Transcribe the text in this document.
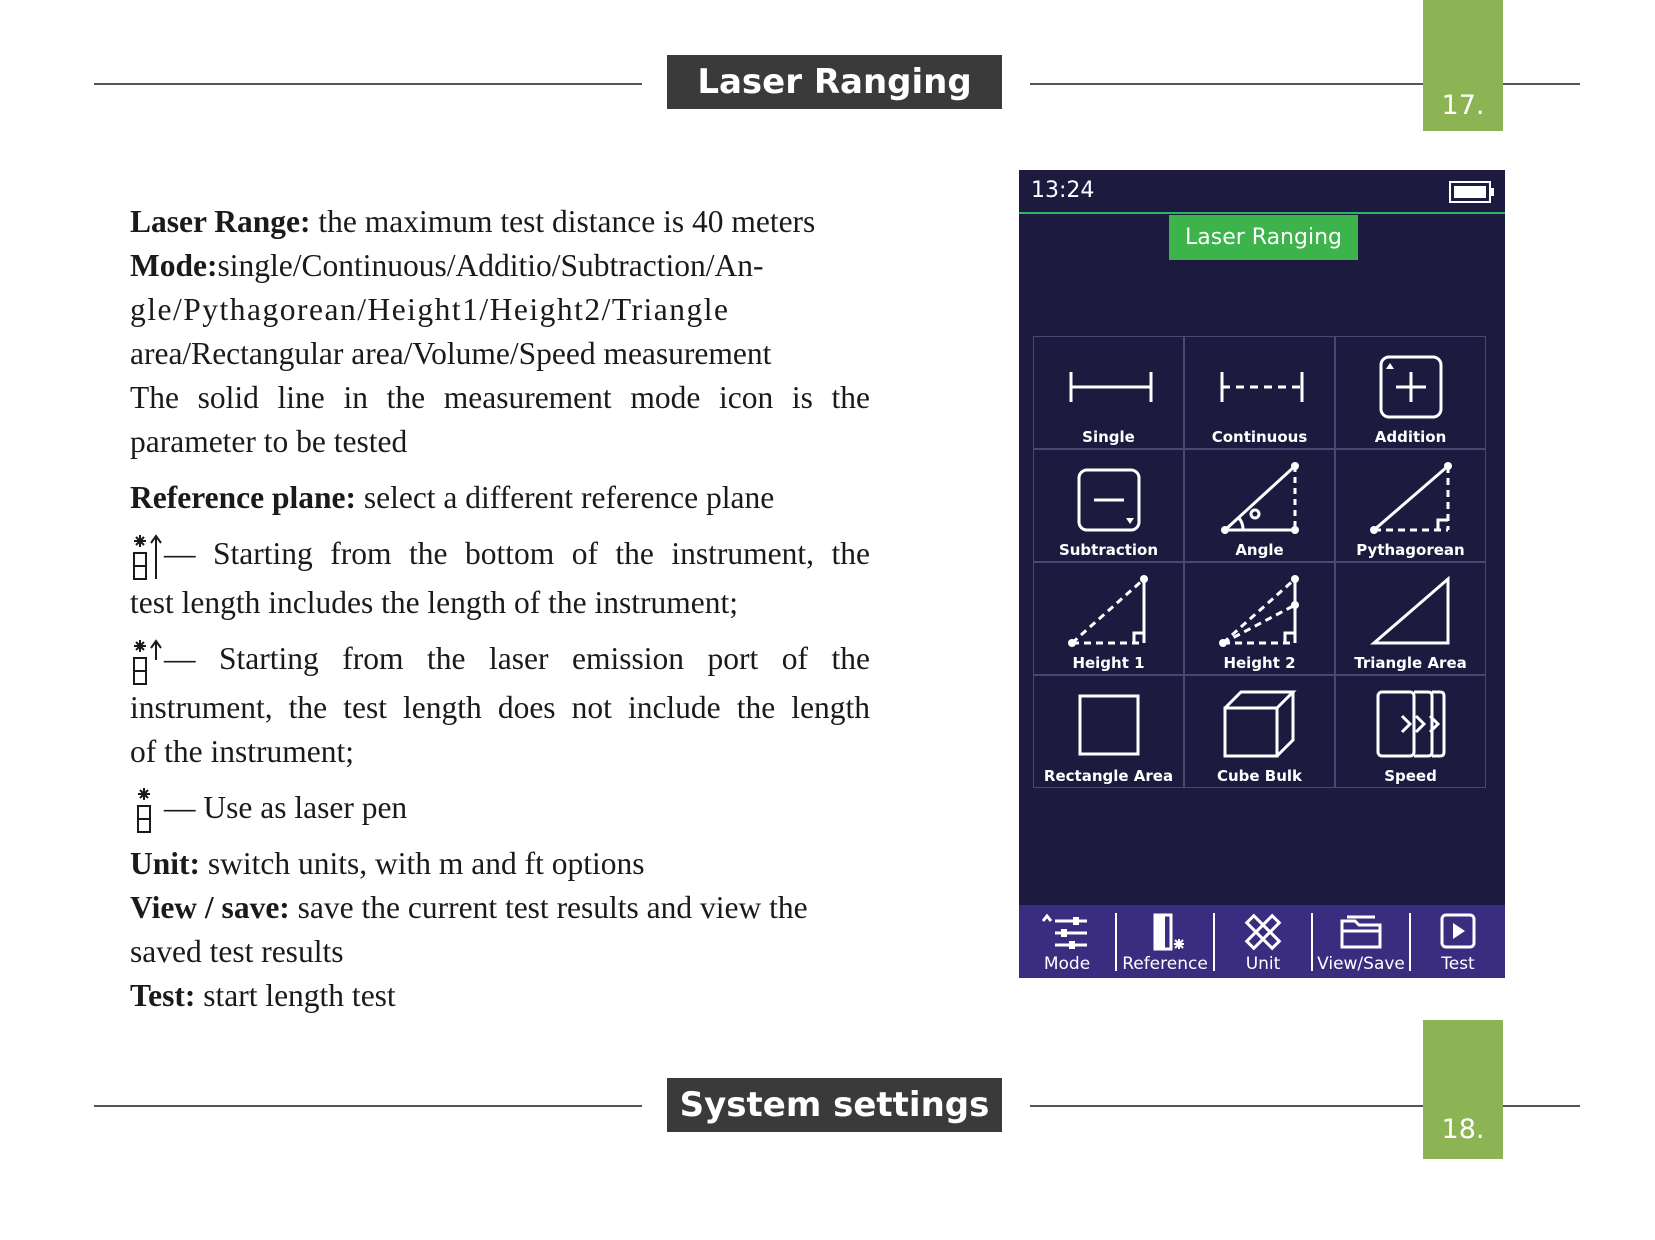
Laser Ranging
17.

Laser Range: the maximum test distance is 40 meters

Mode:single/Continuous/Additio/Subtraction/An-

gle/Pythagorean/Height1/Height2/Triangle

area/Rectangular area/Volume/Speed measurement

The solid line in the measurement mode icon is the

parameter to be tested

Reference plane: select a different reference plane

— Starting from the bottom of the instrument, the

test length includes the length of the instrument;

— Starting from the laser emission port of the

instrument, the test length does not include the length

of the instrument;

— Use as laser pen

Unit: switch units, with m and ft options

View / save: save the current test results and view the

saved test results

Test: start length test

13:24
Laser Ranging
Single	Continuous	Addition
Subtraction	Angle	Pythagorean
Height 1	Height 2	Triangle Area
Rectangle Area	Cube Bulk	Speed
Mode	Reference	Unit	View/Save	Test
System settings
18.
